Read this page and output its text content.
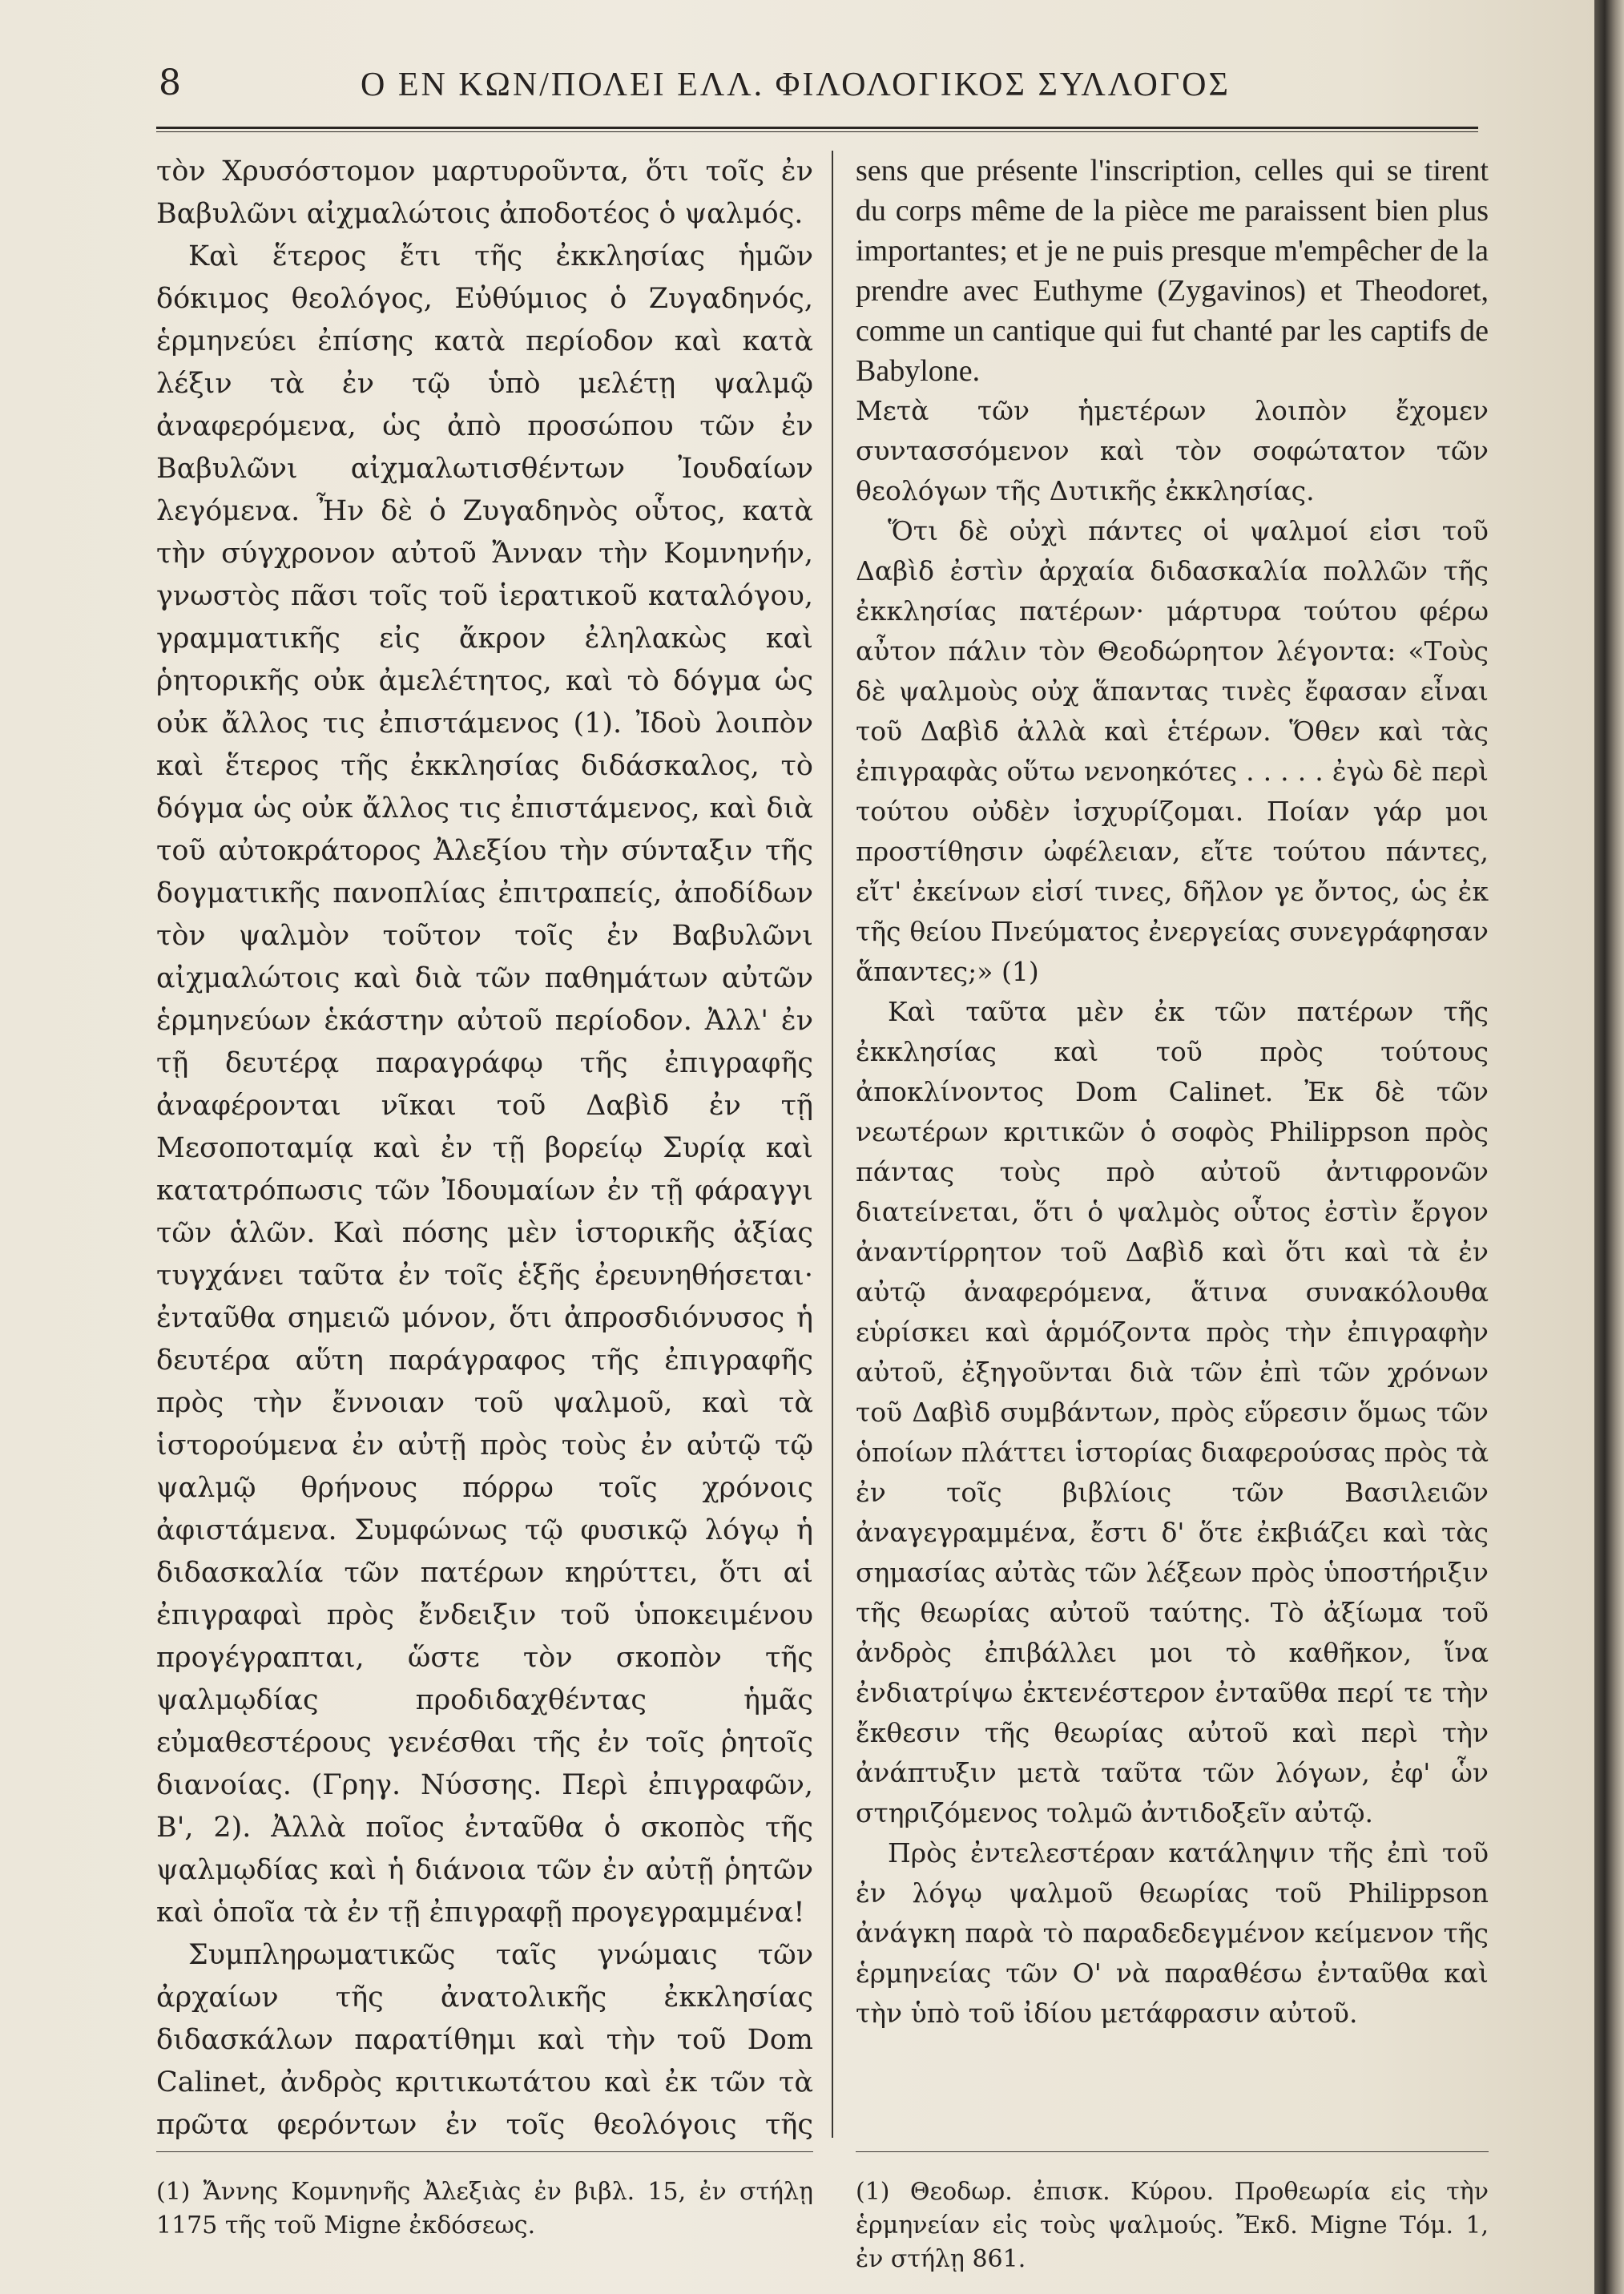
8	Ο ΕΝ ΚΩΝ/ΠΟΛΕΙ ΕΛΛ. ΦΙΛΟΛΟΓΙΚΟΣ ΣΥΛΛΟΓΟΣ

τὸν Χρυσόστομον μαρτυροῦντα, ὅτι τοῖς ἐν Βαβυλῶνι αἰχμαλώτοις ἀποδοτέος ὁ ψαλμός.

Καὶ ἕτερος ἔτι τῆς ἐκκλησίας ἡμῶν δόκιμος θεολόγος, Εὐθύμιος ὁ Ζυγαδηνός, ἑρμηνεύει ἐπίσης κατὰ περίοδον καὶ κατὰ λέξιν τὰ ἐν τῷ ὑπὸ μελέτῃ ψαλμῷ ἀναφερόμενα, ὡς ἀπὸ προσώπου τῶν ἐν Βαβυλῶνι αἰχμαλωτισθέντων Ἰουδαίων λεγόμενα. Ἦν δὲ ὁ Ζυγαδηνὸς οὗτος, κατὰ τὴν σύγχρονον αὐτοῦ Ἄνναν τὴν Κομνηνήν, γνωστὸς πᾶσι τοῖς τοῦ ἱερατικοῦ καταλόγου, γραμματικῆς εἰς ἄκρον ἐληλακὼς καὶ ῥητορικῆς οὐκ ἀμελέτητος, καὶ τὸ δόγμα ὡς οὐκ ἄλλος τις ἐπιστάμενος (1). Ἰδοὺ λοιπὸν καὶ ἕτερος τῆς ἐκκλησίας διδάσκαλος, τὸ δόγμα ὡς οὐκ ἄλλος τις ἐπιστάμενος, καὶ διὰ τοῦ αὐτοκράτορος Ἀλεξίου τὴν σύνταξιν τῆς δογματικῆς πανοπλίας ἐπιτραπείς, ἀποδίδων τὸν ψαλμὸν τοῦτον τοῖς ἐν Βαβυλῶνι αἰχμαλώτοις καὶ διὰ τῶν παθημάτων αὐτῶν ἑρμηνεύων ἑκάστην αὐτοῦ περίοδον. Ἀλλ' ἐν τῇ δευτέρᾳ παραγράφῳ τῆς ἐπιγραφῆς ἀναφέρονται νῖκαι τοῦ Δαβὶδ ἐν τῇ Μεσοποταμίᾳ καὶ ἐν τῇ βορείῳ Συρίᾳ καὶ κατατρόπωσις τῶν Ἰδουμαίων ἐν τῇ φάραγγι τῶν ἁλῶν. Καὶ πόσης μὲν ἱστορικῆς ἀξίας τυγχάνει ταῦτα ἐν τοῖς ἑξῆς ἐρευνηθήσεται· ἐνταῦθα σημειῶ μόνον, ὅτι ἀπροσδιόνυσος ἡ δευτέρα αὕτη παράγραφος τῆς ἐπιγραφῆς πρὸς τὴν ἔννοιαν τοῦ ψαλμοῦ, καὶ τὰ ἱστορούμενα ἐν αὐτῇ πρὸς τοὺς ἐν αὐτῷ τῷ ψαλμῷ θρήνους πόρρω τοῖς χρόνοις ἀφιστάμενα. Συμφώνως τῷ φυσικῷ λόγῳ ἡ διδασκαλία τῶν πατέρων κηρύττει, ὅτι αἱ ἐπιγραφαὶ πρὸς ἔνδειξιν τοῦ ὑποκειμένου προγέγραπται, ὥστε τὸν σκοπὸν τῆς ψαλμῳδίας προδιδαχθέντας ἡμᾶς εὐμαθεστέρους γενέσθαι τῆς ἐν τοῖς ῥητοῖς διανοίας. (Γρηγ. Νύσσης. Περὶ ἐπιγραφῶν, Β', 2). Ἀλλὰ ποῖος ἐνταῦθα ὁ σκοπὸς τῆς ψαλμῳδίας καὶ ἡ διάνοια τῶν ἐν αὐτῇ ῥητῶν καὶ ὁποῖα τὰ ἐν τῇ ἐπιγραφῇ προγεγραμμένα!

Συμπληρωματικῶς ταῖς γνώμαις τῶν ἀρχαίων τῆς ἀνατολικῆς ἐκκλησίας διδασκάλων παρατίθημι καὶ τὴν τοῦ Dom Calinet, ἀνδρὸς κριτικωτάτου καὶ ἐκ τῶν τὰ πρῶτα φερόντων ἐν τοῖς θεολόγοις τῆς

sens que présente l'inscription, celles qui se tirent du corps même de la pièce me paraissent bien plus importantes; et je ne puis presque m'empêcher de la prendre avec Euthyme (Zygavinos) et Theodoret, comme un cantique qui fut chanté par les captifs de Babylone.

Μετὰ τῶν ἡμετέρων λοιπὸν ἔχομεν συντασσόμενον καὶ τὸν σοφώτατον τῶν θεολόγων τῆς Δυτικῆς ἐκκλησίας.

Ὅτι δὲ οὐχὶ πάντες οἱ ψαλμοί εἰσι τοῦ Δαβὶδ ἐστὶν ἀρχαία διδασκαλία πολλῶν τῆς ἐκκλησίας πατέρων· μάρτυρα τούτου φέρω αὖτον πάλιν τὸν Θεοδώρητον λέγοντα: «Τοὺς δὲ ψαλμοὺς οὐχ ἅπαντας τινὲς ἔφασαν εἶναι τοῦ Δαβὶδ ἀλλὰ καὶ ἑτέρων. Ὅθεν καὶ τὰς ἐπιγραφὰς οὕτω νενοηκότες . . . . . ἐγὼ δὲ περὶ τούτου οὐδὲν ἰσχυρίζομαι. Ποίαν γάρ μοι προστίθησιν ὠφέλειαν, εἴτε τούτου πάντες, εἴτ' ἐκείνων εἰσί τινες, δῆλον γε ὄντος, ὡς ἐκ τῆς θείου Πνεύματος ἐνεργείας συνεγράφησαν ἅπαντες;» (1)

Καὶ ταῦτα μὲν ἐκ τῶν πατέρων τῆς ἐκκλησίας καὶ τοῦ πρὸς τούτους ἀποκλίνοντος Dom Calinet. Ἐκ δὲ τῶν νεωτέρων κριτικῶν ὁ σοφὸς Philippson πρὸς πάντας τοὺς πρὸ αὐτοῦ ἀντιφρονῶν διατείνεται, ὅτι ὁ ψαλμὸς οὗτος ἐστὶν ἔργον ἀναντίρρητον τοῦ Δαβὶδ καὶ ὅτι καὶ τὰ ἐν αὐτῷ ἀναφερόμενα, ἅτινα συνακόλουθα εὑρίσκει καὶ ἁρμόζοντα πρὸς τὴν ἐπιγραφὴν αὐτοῦ, ἐξηγοῦνται διὰ τῶν ἐπὶ τῶν χρόνων τοῦ Δαβὶδ συμβάντων, πρὸς εὕρεσιν ὅμως τῶν ὁποίων πλάττει ἱστορίας διαφερούσας πρὸς τὰ ἐν τοῖς βιβλίοις τῶν Βασιλειῶν ἀναγεγραμμένα, ἔστι δ' ὅτε ἐκβιάζει καὶ τὰς σημασίας αὐτὰς τῶν λέξεων πρὸς ὑποστήριξιν τῆς θεωρίας αὐτοῦ ταύτης. Τὸ ἀξίωμα τοῦ ἀνδρὸς ἐπιβάλλει μοι τὸ καθῆκον, ἵνα ἐνδιατρίψω ἐκτενέστερον ἐνταῦθα περί τε τὴν ἔκθεσιν τῆς θεωρίας αὐτοῦ καὶ περὶ τὴν ἀνάπτυξιν μετὰ ταῦτα τῶν λόγων, ἐφ' ὧν στηριζόμενος τολμῶ ἀντιδοξεῖν αὐτῷ.

Πρὸς ἐντελεστέραν κατάληψιν τῆς ἐπὶ τοῦ ἐν λόγῳ ψαλμοῦ θεωρίας τοῦ Philippson ἀνάγκη παρὰ τὸ παραδεδεγμένον κείμενον τῆς ἑρμηνείας τῶν Ο' νὰ παραθέσω ἐνταῦθα καὶ τὴν ὑπὸ τοῦ ἰδίου μετάφρασιν αὐτοῦ.

(1) Ἄννης Κομνηνῆς Ἀλεξιὰς ἐν βιβλ. 15, ἐν στήλῃ 1175 τῆς τοῦ Migne ἐκδόσεως.
(1) Θεοδωρ. ἐπισκ. Κύρου. Προθεωρία εἰς τὴν ἑρμηνείαν εἰς τοὺς ψαλμούς. Ἔκδ. Migne Τόμ. 1, ἐν στήλῃ 861.
